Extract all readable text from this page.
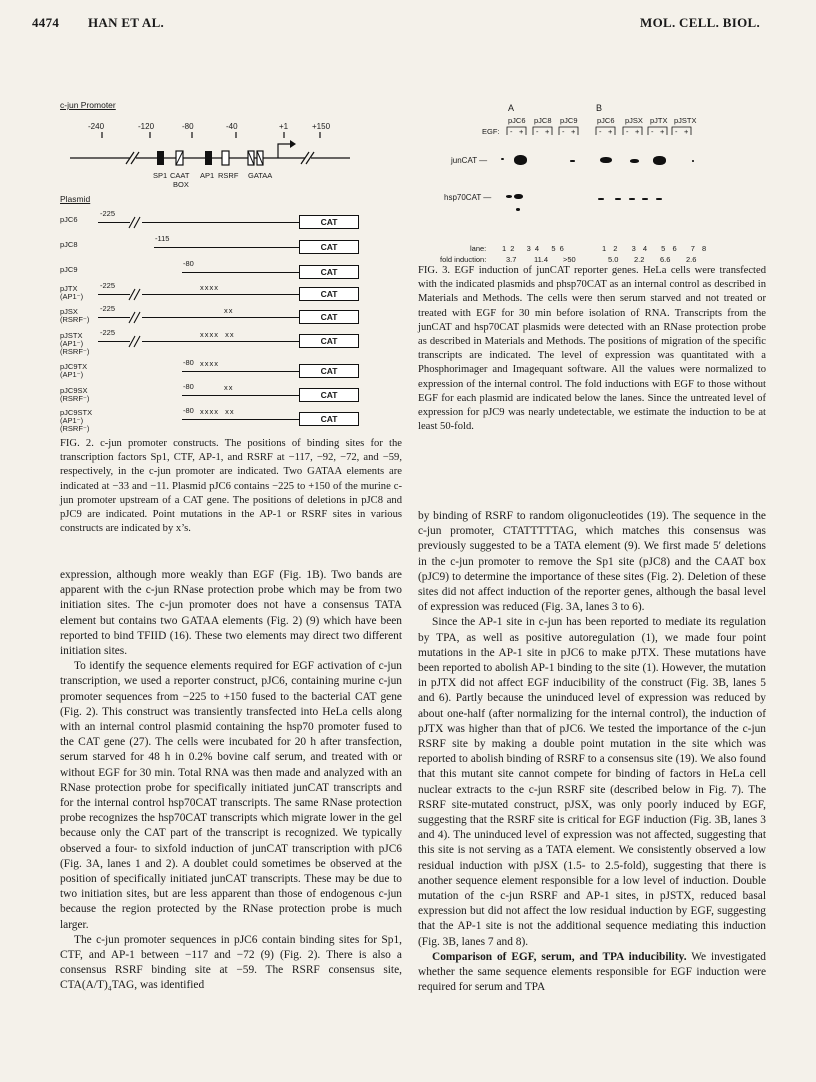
4474 HAN ET AL.	MOL. CELL. BIOL.
c-jun Promoter
-240	-120	-80	-40	+1	+150
SP1 CAAT AP1 RSRF GATAA
BOX
Plasmid
pJC6
-225
CAT
pJC8
-115
CAT
pJC9
-80
CAT
pJTX
(AP1⁻)
-225	xxxx
CAT
pJSX
(RSRF⁻)
-225	xx
CAT
pJSTX
(AP1⁻)
(RSRF⁻)
-225	xxxx  xx
CAT
pJC9TX
(AP1⁻)
-80 xxxx
CAT
pJC9SX
(RSRF⁻)
-80	xx
CAT
pJC9STX
(AP1⁻)
(RSRF⁻)
-80 xxxx  xx
CAT

FIG. 2. c-jun promoter constructs. The positions of binding sites for the transcription factors Sp1, CTF, AP-1, and RSRF at −117, −92, −72, and −59, respectively, in the c-jun promoter are indicated. Two GATAA elements are indicated at −33 and −11. Plasmid pJC6 contains −225 to +150 of the murine c-jun promoter upstream of a CAT gene. The positions of deletions in pJC8 and pJC9 are indicated. Point mutations in the AP-1 or RSRF sites in various constructs are indicated by x’s.

A	B
pJC6 pJC8 pJC9	pJC6 pJSX pJTX pJSTX
EGF: - + - + - +	- + - + - + - +
junCAT —
hsp70CAT —
lane: 1 2   3 4   5 6	1 2  3 4  5 6  7 8
fold induction:	3.7 11.4 >50	5.0 2.2 6.6 2.6

FIG. 3. EGF induction of junCAT reporter genes. HeLa cells were transfected with the indicated plasmids and phsp70CAT as an internal control as described in Materials and Methods. The cells were then serum starved and not treated or treated with EGF for 30 min before isolation of RNA. Transcripts from the junCAT and hsp70CAT plasmids were detected with an RNase protection probe as described in Materials and Methods. The positions of migration of the specific transcripts are indicated. The level of expression was quantitated with a Phosphorimager and Imagequant software. All the values were normalized to expression of the internal control. The fold inductions with EGF to those without EGF for each plasmid are indicated below the lanes. Since the untreated level of expression for pJC9 was nearly undetectable, we estimate the induction to be at least 50-fold.

expression, although more weakly than EGF (Fig. 1B). Two bands are apparent with the c-jun RNase protection probe which may be from two initiation sites. The c-jun promoter does not have a consensus TATA element but contains two GATAA elements (Fig. 2) (9) which have been reported to bind TFIID (16). These two elements may direct two different initiation sites.

To identify the sequence elements required for EGF activation of c-jun transcription, we used a reporter construct, pJC6, containing murine c-jun promoter sequences from −225 to +150 fused to the bacterial CAT gene (Fig. 2). This construct was transiently transfected into HeLa cells along with an internal control plasmid containing the hsp70 promoter fused to the CAT gene (27). The cells were incubated for 20 h after transfection, serum starved for 48 h in 0.2% bovine calf serum, and treated with or without EGF for 30 min. Total RNA was then made and analyzed with an RNase protection probe for specifically initiated junCAT transcripts and for the internal control hsp70CAT transcripts. The same RNase protection probe recognizes the hsp70CAT transcripts which migrate lower in the gel because only the CAT part of the transcript is recognized. We typically observed a four- to sixfold induction of junCAT transcription with pJC6 (Fig. 3A, lanes 1 and 2). A doublet could sometimes be observed at the position of specifically initiated junCAT transcripts. These may be due to two initiation sites, but are less apparent than those of endogenous c-jun because the region protected by the RNase protection probe is much larger.

The c-jun promoter sequences in pJC6 contain binding sites for Sp1, CTF, and AP-1 between −117 and −72 (9) (Fig. 2). There is also a consensus RSRF binding site at −59. The RSRF consensus site, CTA(A/T)₄TAG, was identified

by binding of RSRF to random oligonucleotides (19). The sequence in the c-jun promoter, CTATTTTTAG, which matches this consensus was previously suggested to be a TATA element (9). We first made 5′ deletions in the c-jun promoter to remove the Sp1 site (pJC8) and the CAAT box (pJC9) to determine the importance of these sites (Fig. 2). Deletion of these sites did not affect induction of the reporter genes, although the basal level of expression was reduced (Fig. 3A, lanes 3 to 6).

Since the AP-1 site in c-jun has been reported to mediate its regulation by TPA, as well as positive autoregulation (1), we made four point mutations in the AP-1 site in pJC6 to make pJTX. These mutations have been reported to abolish AP-1 binding to the site (1). However, the mutation in pJTX did not affect EGF inducibility of the construct (Fig. 3B, lanes 5 and 6). Partly because the uninduced level of expression was reduced by about one-half (after normalizing for the internal control), the induction of pJTX was higher than that of pJC6. We tested the importance of the c-jun RSRF site by making a double point mutation in the site which was reported to abolish binding of RSRF to a consensus site (19). We also found that this mutant site cannot compete for binding of factors in HeLa cell nuclear extracts to the c-jun RSRF site (described below in Fig. 7). The RSRF site-mutated construct, pJSX, was only poorly induced by EGF, suggesting that the RSRF site is critical for EGF induction (Fig. 3B, lanes 3 and 4). The uninduced level of expression was not affected, suggesting that this site is not serving as a TATA element. We consistently observed a low residual induction with pJSX (1.5- to 2.5-fold), suggesting that there is another sequence element responsible for a low level of induction. Double mutation of the c-jun RSRF and AP-1 sites, in pJSTX, reduced basal expression but did not affect the low residual induction by EGF, suggesting that the AP-1 site is not the additional sequence mediating this induction (Fig. 3B, lanes 7 and 8).

Comparison of EGF, serum, and TPA inducibility. We investigated whether the same sequence elements responsible for EGF induction were required for serum and TPA
